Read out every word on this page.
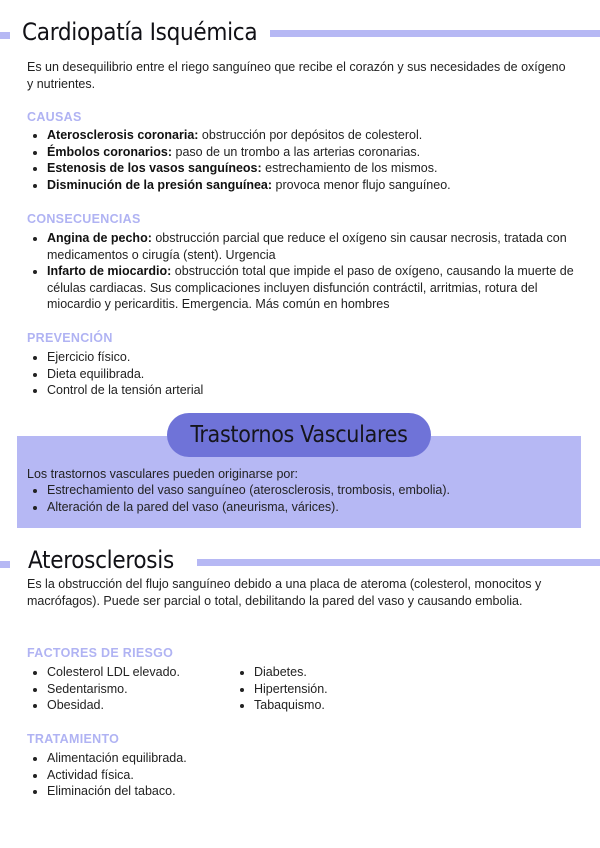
Cardiopatía Isquémica

Es un desequilibrio entre el riego sanguíneo que recibe el corazón y sus necesidades de oxígeno y nutrientes.

CAUSAS
• Aterosclerosis coronaria: obstrucción por depósitos de colesterol.
• Émbolos coronarios: paso de un trombo a las arterias coronarias.
• Estenosis de los vasos sanguíneos: estrechamiento de los mismos.
• Disminución de la presión sanguínea: provoca menor flujo sanguíneo.
CONSECUENCIAS
• Angina de pecho: obstrucción parcial que reduce el oxígeno sin causar necrosis, tratada con medicamentos o cirugía (stent). Urgencia
• Infarto de miocardio: obstrucción total que impide el paso de oxígeno, causando la muerte de células cardiacas. Sus complicaciones incluyen disfunción contráctil, arritmias, rotura del miocardio y pericarditis. Emergencia. Más común en hombres
PREVENCIÓN
• Ejercicio físico.
• Dieta equilibrada.
• Control de la tensión arterial
Trastornos Vasculares

Los trastornos vasculares pueden originarse por:

• Estrechamiento del vaso sanguíneo (aterosclerosis, trombosis, embolia).
• Alteración de la pared del vaso (aneurisma, várices).
Aterosclerosis

Es la obstrucción del flujo sanguíneo debido a una placa de ateroma (colesterol, monocitos y macrófagos). Puede ser parcial o total, debilitando la pared del vaso y causando embolia.

FACTORES DE RIESGO
• Colesterol LDL elevado.
• Sedentarismo.
• Obesidad.
• Diabetes.
• Hipertensión.
• Tabaquismo.
TRATAMIENTO
• Alimentación equilibrada.
• Actividad física.
• Eliminación del tabaco.
